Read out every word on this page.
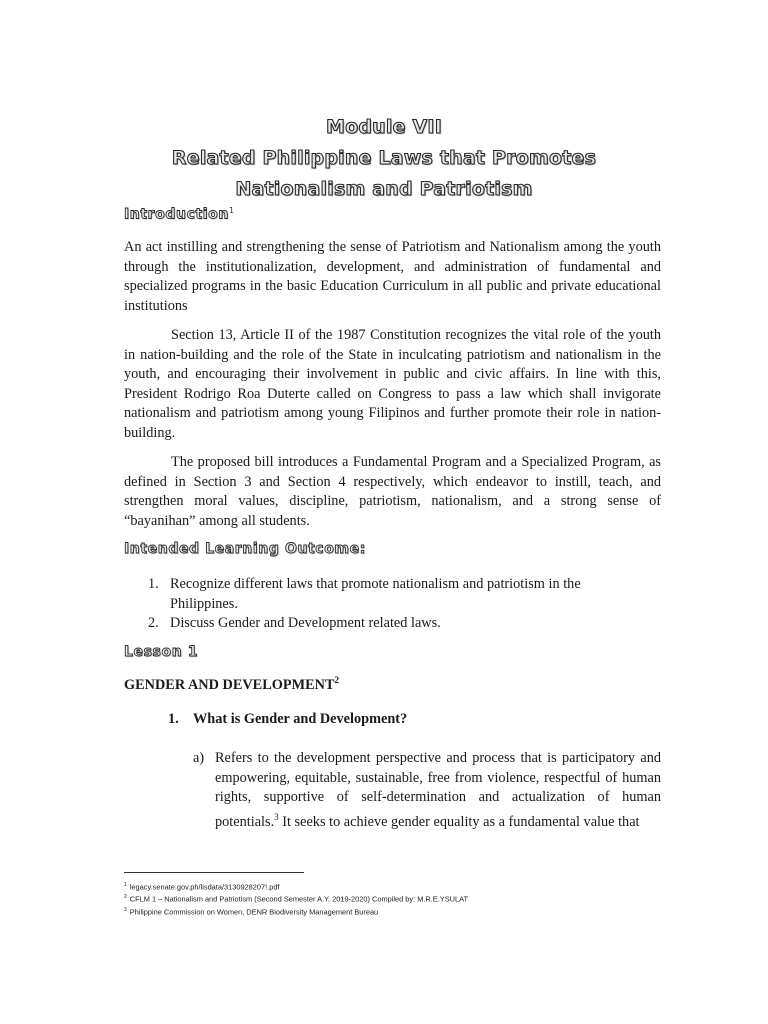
Module VII
Related Philippine Laws that Promotes
Nationalism and Patriotism
Introduction$^1$

An act instilling and strengthening the sense of Patriotism and Nationalism among the youth through the institutionalization, development, and administration of fundamental and specialized programs in the basic Education Curriculum in all public and private educational institutions

Section 13, Article II of the 1987 Constitution recognizes the vital role of the youth in nation-building and the role of the State in inculcating patriotism and nationalism in the youth, and encouraging their involvement in public and civic affairs. In line with this, President Rodrigo Roa Duterte called on Congress to pass a law which shall invigorate nationalism and patriotism among young Filipinos and further promote their role in nation-building.

The proposed bill introduces a Fundamental Program and a Specialized Program, as defined in Section 3 and Section 4 respectively, which endeavor to instill, teach, and strengthen moral values, discipline, patriotism, nationalism, and a strong sense of “bayanihan” among all students.

Intended Learning Outcome:
1. Recognize different laws that promote nationalism and patriotism in the Philippines.
2. Discuss Gender and Development related laws.
Lesson 1
GENDER AND DEVELOPMENT$^2$
1. What is Gender and Development?
a) Refers to the development perspective and process that is participatory and empowering, equitable, sustainable, free from violence, respectful of human rights, supportive of self-determination and actualization of human potentials.$^3$ It seeks to achieve gender equality as a fundamental value that
$^1$ legacy.senate.gov.ph/lisdata/3130928207!.pdf
$^2$ CFLM 1 – Nationalism and Patriotism (Second Semester A.Y. 2019-2020) Compiled by: M.R.E.YSULAT
$^3$ Philippine Commission on Women, DENR Biodiversity Management Bureau
